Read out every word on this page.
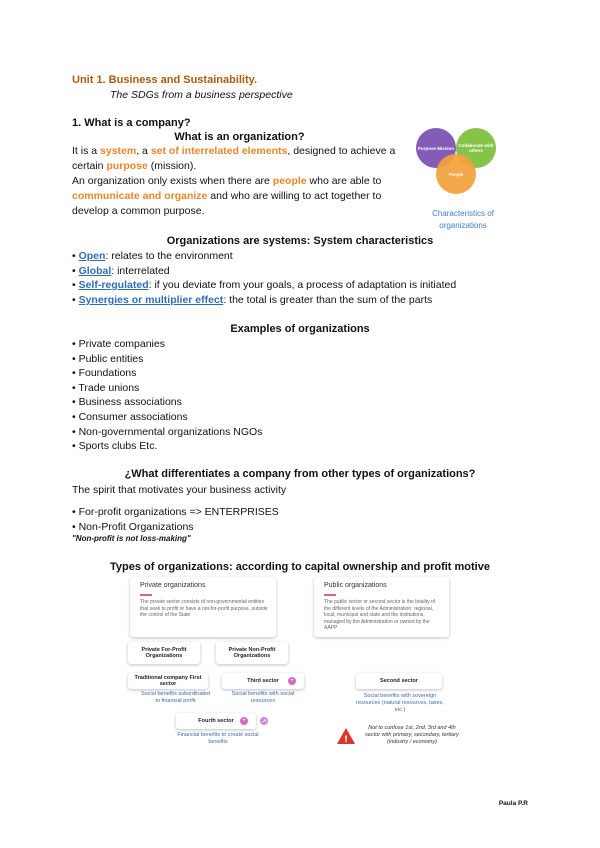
Unit 1. Business and Sustainability.
The SDGs from a business perspective
1. What is a company?
What is an organization?
It is a system, a set of interrelated elements, designed to achieve a certain purpose (mission).
An organization only exists when there are people who are able to communicate and organize and who are willing to act together to develop a common purpose.
Purpose Mission Collaborate with others
People
Characteristics of organizations
Organizations are systems: System characteristics
• Open: relates to the environment
• Global: interrelated
• Self-regulated: if you deviate from your goals, a process of adaptation is initiated
• Synergies or multiplier effect: the total is greater than the sum of the parts
Examples of organizations
• Private companies
• Public entities
• Foundations
• Trade unions
• Business associations
• Consumer associations
• Non-governmental organizations NGOs
• Sports clubs Etc.
¿What differentiates a company from other types of organizations?
The spirit that motivates your business activity
• For-profit organizations => ENTERPRISES
• Non-Profit Organizations
"Non-profit is not loss-making"
Types of organizations: according to capital ownership and profit motive
Private organizations
The private sector consists of non-governmental entities that seek to profit or have a not-for-profit purpose, outside the control of the State
Public organizations
The public sector or second sector is the totality of the different levels of the Administration: regional, local, municipal and state and the institutions, managed by the Administration or owned by the AAPP
Private For-Profit Organizations
Private Non-Profit Organizations
Traditional company First sector
Social benefits subordinated to financial profit
Third sector	+
Social benefits with social resources
Second sector
Social benefits with sovereign resources (natural resources, taxes, etc.)
Fourth sector	+	↗
Financial benefits to create social benefits	!
Not to confuse 1st, 2nd, 3rd and 4th sector with primary, secondary, tertiary (industry / economy)
Paula P.R
